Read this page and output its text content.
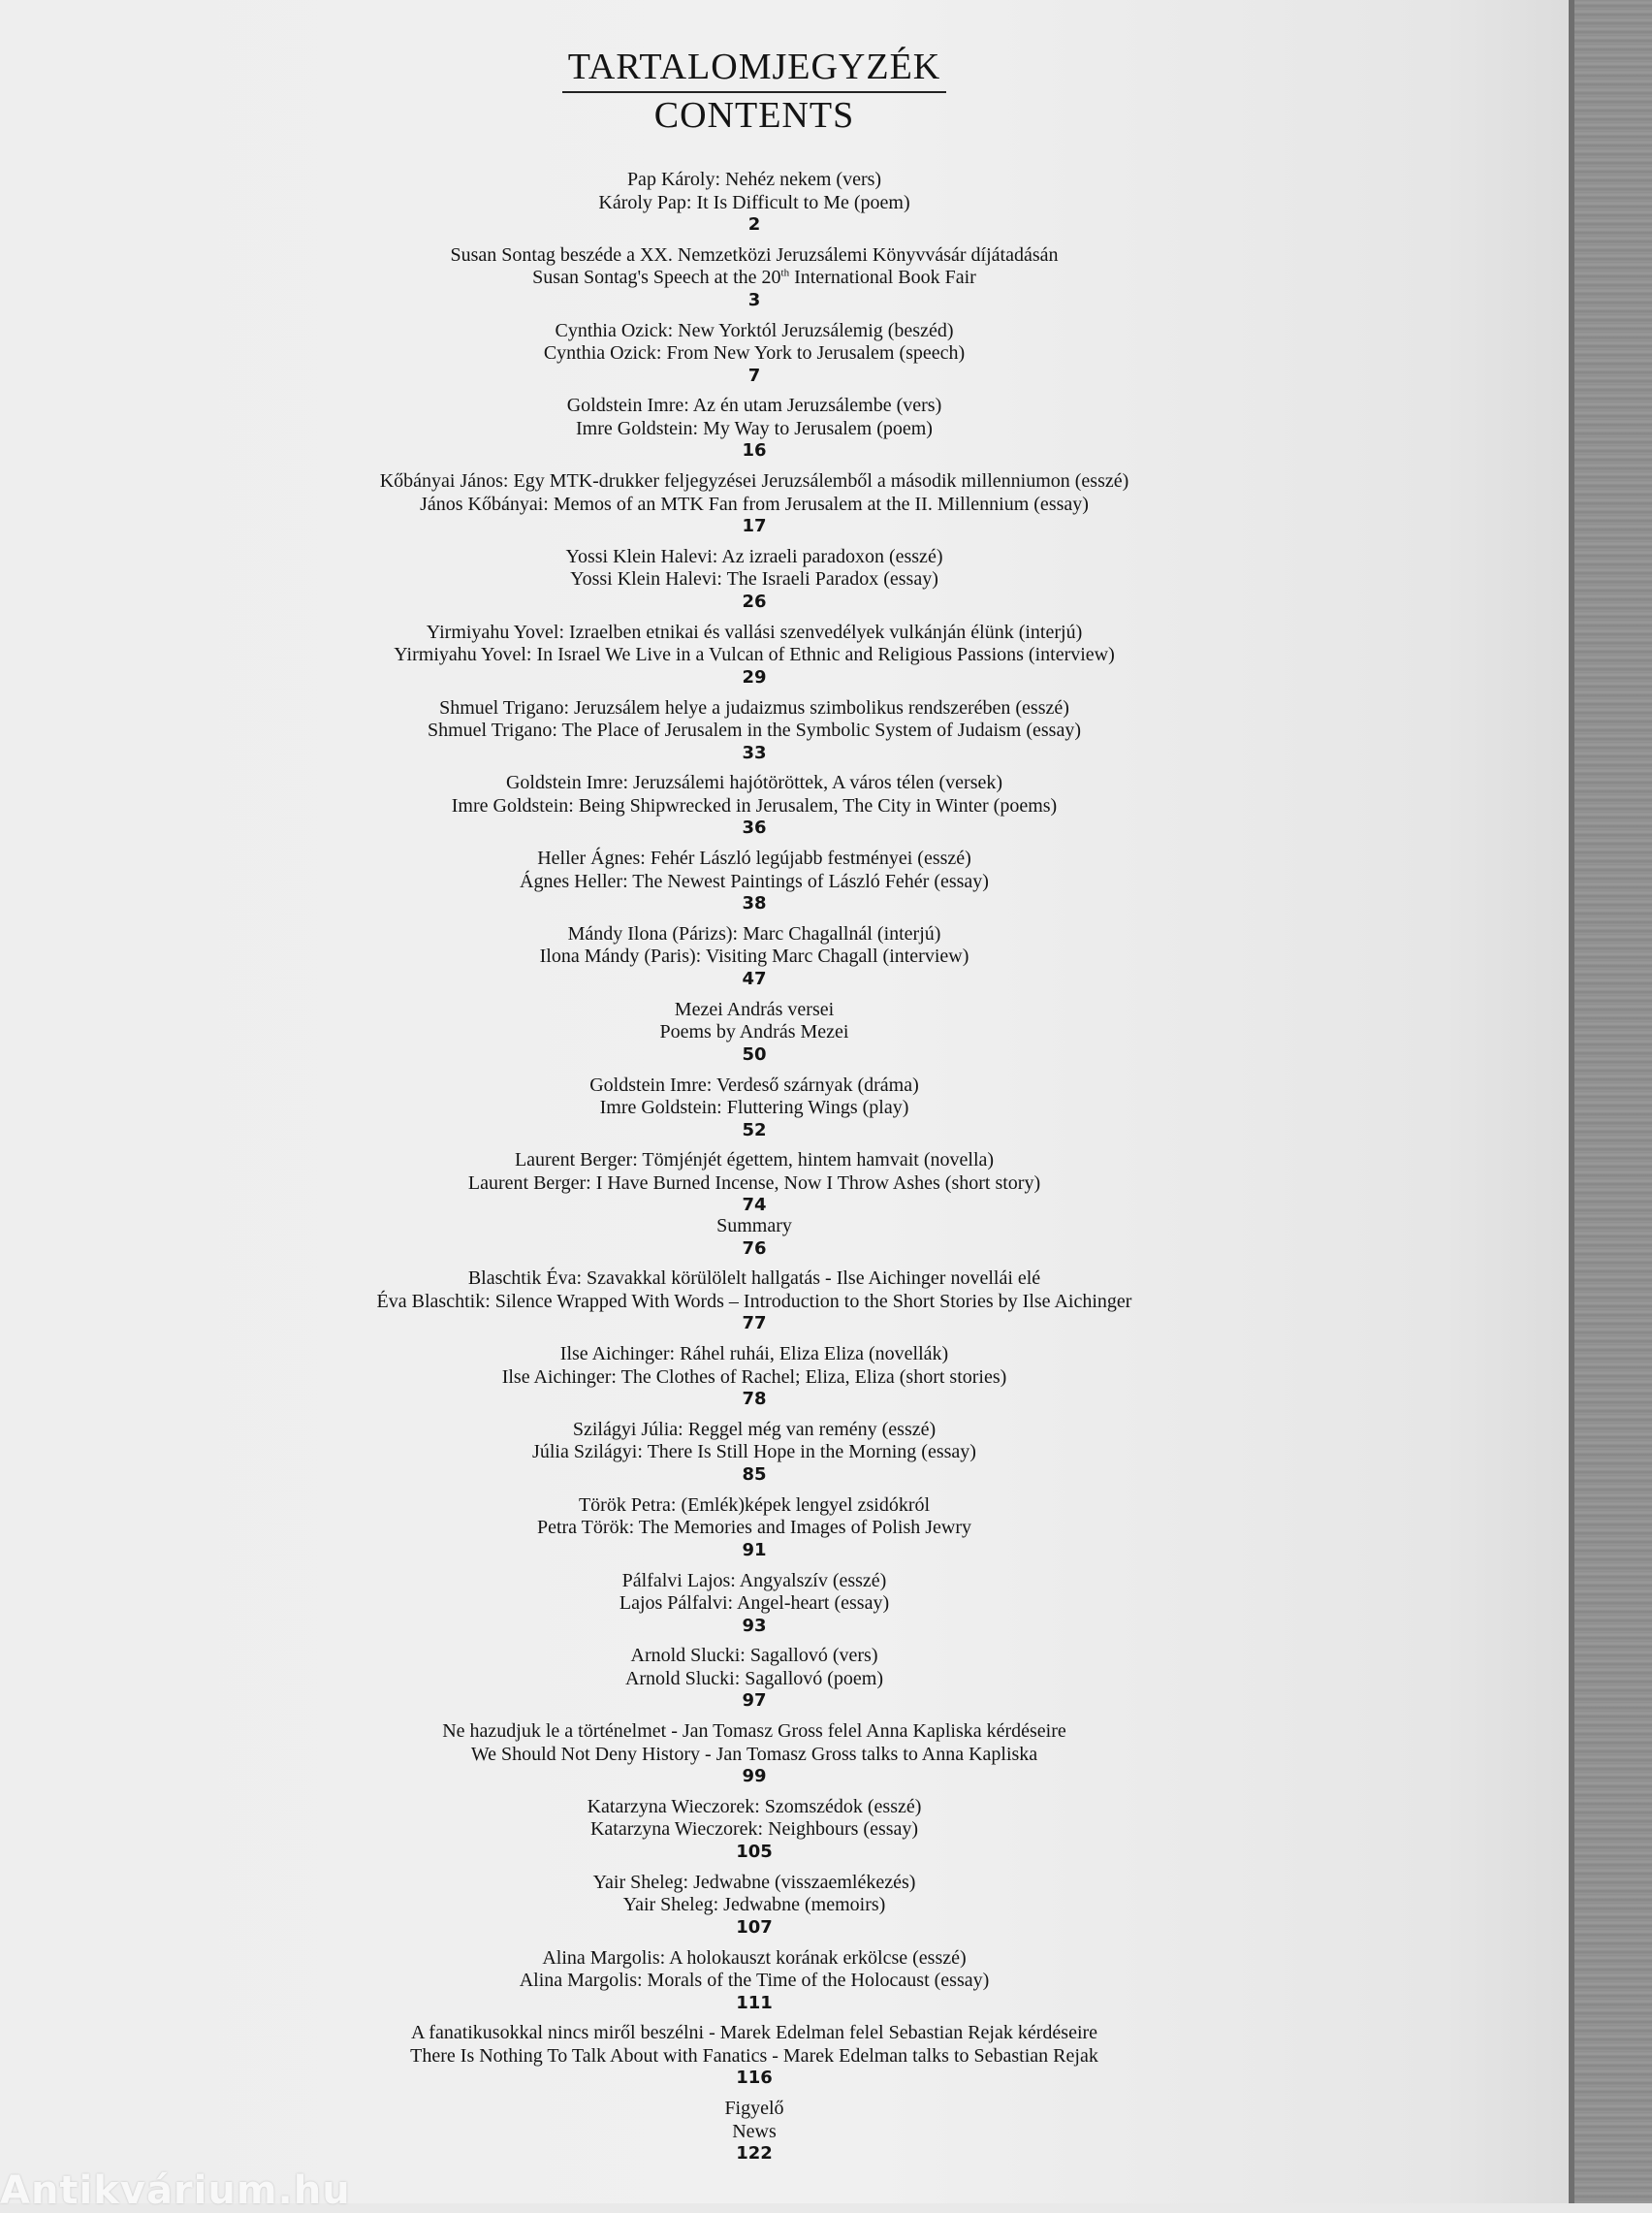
TARTALOMJEGYZÉK
CONTENTS
Pap Károly: Nehéz nekem (vers)
Károly Pap: It Is Difficult to Me (poem)
2
Susan Sontag beszéde a XX. Nemzetközi Jeruzsálemi Könyvvásár díjátadásán
Susan Sontag's Speech at the 20th International Book Fair
3
Cynthia Ozick: New Yorktól Jeruzsálemig (beszéd)
Cynthia Ozick: From New York to Jerusalem (speech)
7
Goldstein Imre: Az én utam Jeruzsálembe (vers)
Imre Goldstein: My Way to Jerusalem (poem)
16
Kőbányai János: Egy MTK-drukker feljegyzései Jeruzsálemből a második millenniumon (esszé)
János Kőbányai: Memos of an MTK Fan from Jerusalem at the II. Millennium (essay)
17
Yossi Klein Halevi: Az izraeli paradoxon (esszé)
Yossi Klein Halevi: The Israeli Paradox (essay)
26
Yirmiyahu Yovel: Izraelben etnikai és vallási szenvedélyek vulkánján élünk (interjú)
Yirmiyahu Yovel: In Israel We Live in a Vulcan of Ethnic and Religious Passions (interview)
29
Shmuel Trigano: Jeruzsálem helye a judaizmus szimbolikus rendszerében (esszé)
Shmuel Trigano: The Place of Jerusalem in the Symbolic System of Judaism (essay)
33
Goldstein Imre: Jeruzsálemi hajótöröttek, A város télen (versek)
Imre Goldstein: Being Shipwrecked in Jerusalem, The City in Winter (poems)
36
Heller Ágnes: Fehér László legújabb festményei (esszé)
Ágnes Heller: The Newest Paintings of László Fehér (essay)
38
Mándy Ilona (Párizs): Marc Chagallnál (interjú)
Ilona Mándy (Paris): Visiting Marc Chagall (interview)
47
Mezei András versei
Poems by András Mezei
50
Goldstein Imre: Verdeső szárnyak (dráma)
Imre Goldstein: Fluttering Wings (play)
52
Laurent Berger: Tömjénjét égettem, hintem hamvait (novella)
Laurent Berger: I Have Burned Incense, Now I Throw Ashes (short story)
74
Summary
76
Blaschtik Éva: Szavakkal körülölelt hallgatás - Ilse Aichinger novellái elé
Éva Blaschtik: Silence Wrapped With Words – Introduction to the Short Stories by Ilse Aichinger
77
Ilse Aichinger: Ráhel ruhái, Eliza Eliza (novellák)
Ilse Aichinger: The Clothes of Rachel; Eliza, Eliza (short stories)
78
Szilágyi Júlia: Reggel még van remény (esszé)
Júlia Szilágyi: There Is Still Hope in the Morning (essay)
85
Török Petra: (Emlék)képek lengyel zsidókról
Petra Török: The Memories and Images of Polish Jewry
91
Pálfalvi Lajos: Angyalszív (esszé)
Lajos Pálfalvi: Angel-heart (essay)
93
Arnold Slucki: Sagallovó (vers)
Arnold Slucki: Sagallovó (poem)
97
Ne hazudjuk le a történelmet - Jan Tomasz Gross felel Anna Kapliska kérdéseire
We Should Not Deny History - Jan Tomasz Gross talks to Anna Kapliska
99
Katarzyna Wieczorek: Szomszédok (esszé)
Katarzyna Wieczorek: Neighbours (essay)
105
Yair Sheleg: Jedwabne (visszaemlékezés)
Yair Sheleg: Jedwabne (memoirs)
107
Alina Margolis: A holokauszt korának erkölcse (esszé)
Alina Margolis: Morals of the Time of the Holocaust (essay)
111
A fanatikusokkal nincs miről beszélni - Marek Edelman felel Sebastian Rejak kérdéseire
There Is Nothing To Talk About with Fanatics - Marek Edelman talks to Sebastian Rejak
116
Figyelő
News
122
Antikvárium.hu
